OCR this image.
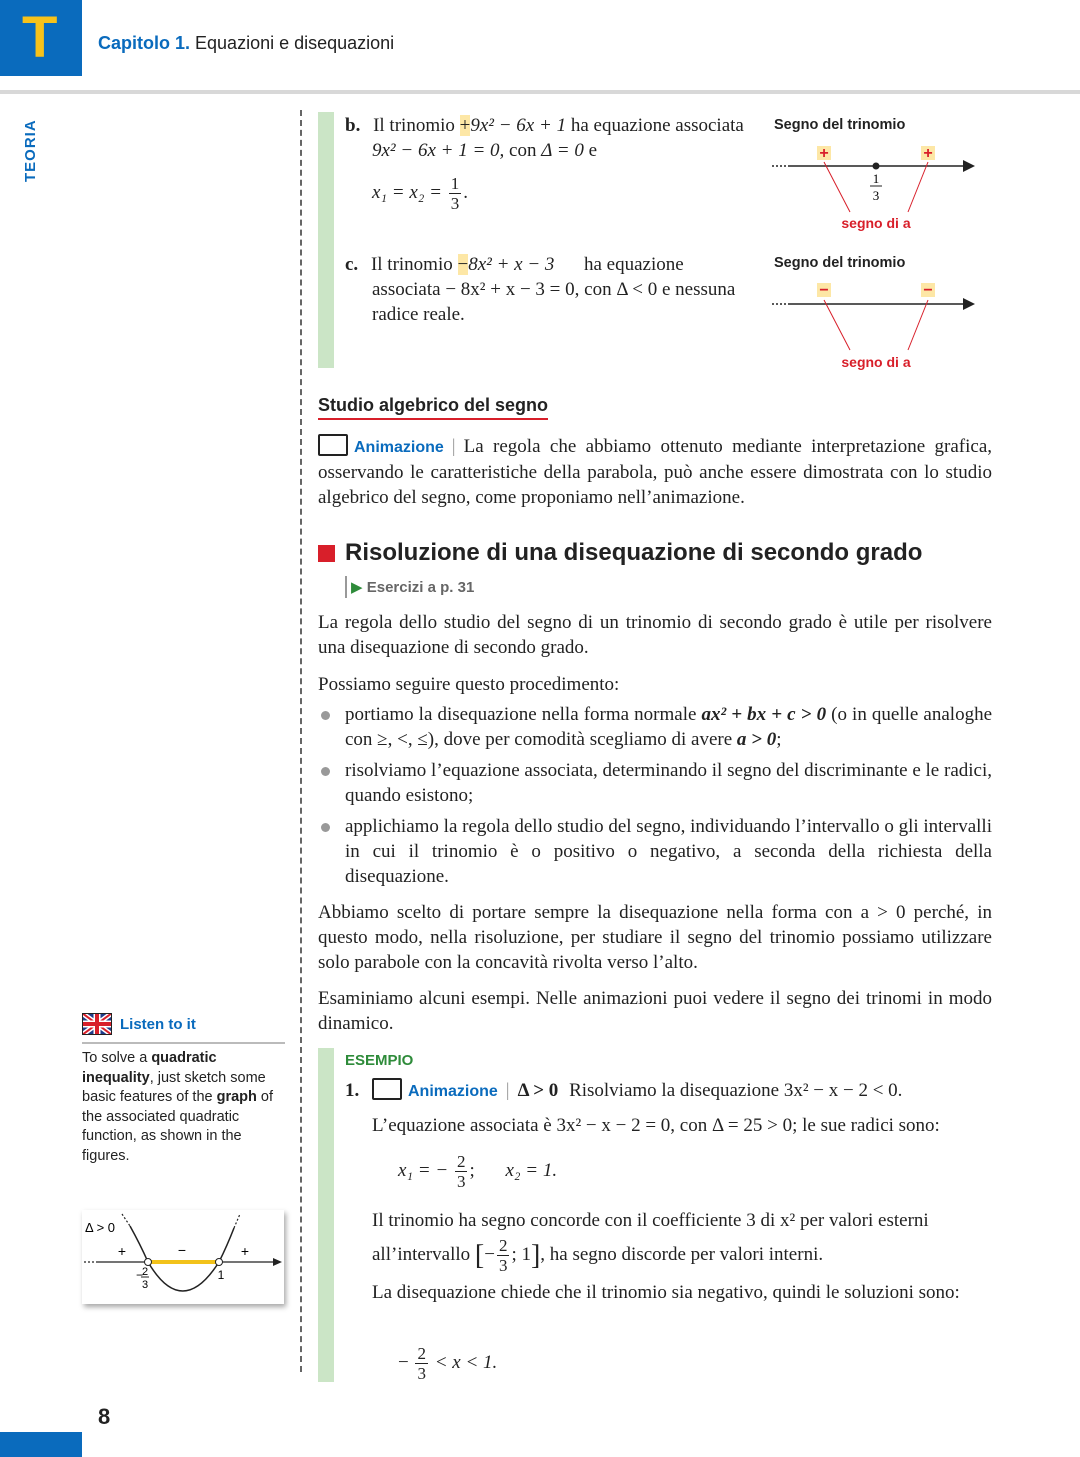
T Capitolo 1. Equazioni e disequazioni
TEORIA	b. Il trinomio +9x² − 6x + 1 ha equazione associata
9x² − 6x + 1 = 0, con Δ = 0 e
$x_1 = x_2 = \frac{1}{3}$ .
Segno del trinomio
+	+
1
3
segno di a
c. Il trinomio −8x² + x − 3	ha equazione associata − 8x² + x − 3 = 0, con Δ < 0 e nessuna radice reale.
Segno del trinomio
−	−
segno di a
Studio algebrico del segno
Animazione | La regola che abbiamo ottenuto mediante interpretazione grafica, osservando le caratteristiche della parabola, può anche essere dimostrata con lo studio algebrico del segno, come proponiamo nell’animazione.
Risoluzione di una disequazione di secondo grado
▶ Esercizi a p. 31
La regola dello studio del segno di un trinomio di secondo grado è utile per risolvere una disequazione di secondo grado.
Possiamo seguire questo procedimento:
portiamo la disequazione nella forma normale ax² + bx + c > 0 (o in quelle analoghe con ≥, <, ≤), dove per comodità scegliamo di avere a > 0;
risolviamo l’equazione associata, determinando il segno del discriminante e le radici, quando esistono;
applichiamo la regola dello studio del segno, individuando l’intervallo o gli intervalli in cui il trinomio è o positivo o negativo, a seconda della richiesta della disequazione.
Abbiamo scelto di portare sempre la disequazione nella forma con a > 0 perché, in questo modo, nella risoluzione, per studiare il segno del trinomio possiamo utilizzare solo parabole con la concavità rivolta verso l’alto.
Esaminiamo alcuni esempi. Nelle animazioni puoi vedere il segno dei trinomi in modo dinamico.
Listen to it
To solve a quadratic inequality, just sketch some basic features of the graph of the associated quadratic function, as shown in the figures.
Δ > 0
+	−	+
−
2
3
1
ESEMPIO
1.	Animazione | Δ > 0 Risolviamo la disequazione 3x² − x − 2 < 0.
L’equazione associata è 3x² − x − 2 = 0, con Δ = 25 > 0; le sue radici sono:
x₁ = − $\frac{2}{3}$ ; x₂ = 1.
Il trinomio ha segno concorde con il coefficiente 3 di x² per valori esterni
all’intervallo [− $\frac{2}{3}$ ; 1], ha segno discorde per valori interni.
La disequazione chiede che il trinomio sia negativo, quindi le soluzioni sono:
− $\frac{2}{3} < x < 1$.
8
